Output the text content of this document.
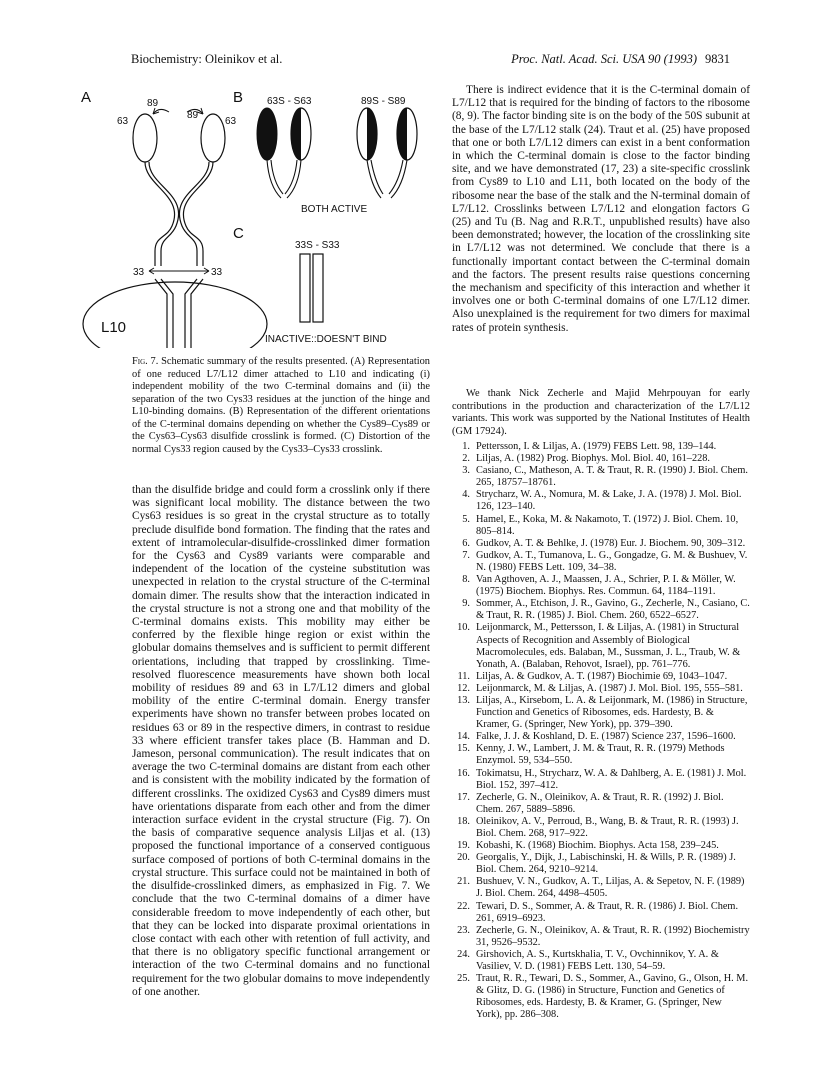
Biochemistry: Oleinikov et al.	Proc. Natl. Acad. Sci. USA 90 (1993) 9831
A
63
89
89
63
33	33
L10
B 63S - S63	89S - S89
BOTH ACTIVE
C
33S - S33
INACTIVE::DOESN'T BIND
Fig. 7. Schematic summary of the results presented. (A) Representation of one reduced L7/L12 dimer attached to L10 and indicating (i) independent mobility of the two C-terminal domains and (ii) the separation of the two Cys33 residues at the junction of the hinge and L10-binding domains. (B) Representation of the different orientations of the C-terminal domains depending on whether the Cys89–Cys89 or the Cys63–Cys63 disulfide crosslink is formed. (C) Distortion of the normal Cys33 region caused by the Cys33–Cys33 crosslink.

than the disulfide bridge and could form a crosslink only if there was significant local mobility. The distance between the two Cys63 residues is so great in the crystal structure as to totally preclude disulfide bond formation. The finding that the rates and extent of intramolecular-disulfide-crosslinked dimer formation for the Cys63 and Cys89 variants were comparable and independent of the location of the cysteine substitution was unexpected in relation to the crystal structure of the C-terminal domain dimer. The results show that the interaction indicated in the crystal structure is not a strong one and that mobility of the C-terminal domains exists. This mobility may either be conferred by the flexible hinge region or exist within the globular domains themselves and is sufficient to permit different orientations, including that trapped by crosslinking. Time-resolved fluorescence measurements have shown both local mobility of residues 89 and 63 in L7/L12 dimers and global mobility of the entire C-terminal domain. Energy transfer experiments have shown no transfer between probes located on residues 63 or 89 in the respective dimers, in contrast to residue 33 where efficient transfer takes place (B. Hamman and D. Jameson, personal communication). The result indicates that on average the two C-terminal domains are distant from each other and is consistent with the mobility indicated by the formation of different crosslinks. The oxidized Cys63 and Cys89 dimers must have orientations disparate from each other and from the dimer interaction surface evident in the crystal structure (Fig. 7). On the basis of comparative sequence analysis Liljas et al. (13) proposed the functional importance of a conserved contiguous surface composed of portions of both C-terminal domains in the crystal structure. This surface could not be maintained in both of the disulfide-crosslinked dimers, as emphasized in Fig. 7. We conclude that the two C-terminal domains of a dimer have considerable freedom to move independently of each other, but that they can be locked into disparate proximal orientations in close contact with each other with retention of full activity, and that there is no obligatory specific functional arrangement or interaction of the two C-terminal domains and no functional requirement for the two globular domains to move independently of one another.

There is indirect evidence that it is the C-terminal domain of L7/L12 that is required for the binding of factors to the ribosome (8, 9). The factor binding site is on the body of the 50S subunit at the base of the L7/L12 stalk (24). Traut et al. (25) have proposed that one or both L7/L12 dimers can exist in a bent conformation in which the C-terminal domain is close to the factor binding site, and we have demonstrated (17, 23) a site-specific crosslink from Cys89 to L10 and L11, both located on the body of the ribosome near the base of the stalk and the N-terminal domain of L7/L12. Crosslinks between L7/L12 and elongation factors G (25) and Tu (B. Nag and R.R.T., unpublished results) have also been demonstrated; however, the location of the crosslinking site in L7/L12 was not determined. We conclude that there is a functionally important contact between the C-terminal domain and the factors. The present results raise questions concerning the mechanism and specificity of this interaction and whether it involves one or both C-terminal domains of one L7/L12 dimer. Also unexplained is the requirement for two dimers for maximal rates of protein synthesis.

We thank Nick Zecherle and Majid Mehrpouyan for early contributions in the production and characterization of the L7/L12 variants. This work was supported by the National Institutes of Health (GM 17924).
1. Pettersson, I. & Liljas, A. (1979) FEBS Lett. 98, 139–144.
2. Liljas, A. (1982) Prog. Biophys. Mol. Biol. 40, 161–228.
3. Casiano, C., Matheson, A. T. & Traut, R. R. (1990) J. Biol. Chem. 265, 18757–18761.
4. Strycharz, W. A., Nomura, M. & Lake, J. A. (1978) J. Mol. Biol. 126, 123–140.
5. Hamel, E., Koka, M. & Nakamoto, T. (1972) J. Biol. Chem. 10, 805–814.
6. Gudkov, A. T. & Behlke, J. (1978) Eur. J. Biochem. 90, 309–312.
7. Gudkov, A. T., Tumanova, L. G., Gongadze, G. M. & Bushuev, V. N. (1980) FEBS Lett. 109, 34–38.
8. Van Agthoven, A. J., Maassen, J. A., Schrier, P. I. & Möller, W. (1975) Biochem. Biophys. Res. Commun. 64, 1184–1191.
9. Sommer, A., Etchison, J. R., Gavino, G., Zecherle, N., Casiano, C. & Traut, R. R. (1985) J. Biol. Chem. 260, 6522–6527.
10. Leijonmarck, M., Pettersson, I. & Liljas, A. (1981) in Structural Aspects of Recognition and Assembly of Biological Macromolecules, eds. Balaban, M., Sussman, J. L., Traub, W. & Yonath, A. (Balaban, Rehovot, Israel), pp. 761–776.
11. Liljas, A. & Gudkov, A. T. (1987) Biochimie 69, 1043–1047.
12. Leijonmarck, M. & Liljas, A. (1987) J. Mol. Biol. 195, 555–581.
13. Liljas, A., Kirsebom, L. A. & Leijonmark, M. (1986) in Structure, Function and Genetics of Ribosomes, eds. Hardesty, B. & Kramer, G. (Springer, New York), pp. 379–390.
14. Falke, J. J. & Koshland, D. E. (1987) Science 237, 1596–1600.
15. Kenny, J. W., Lambert, J. M. & Traut, R. R. (1979) Methods Enzymol. 59, 534–550.
16. Tokimatsu, H., Strycharz, W. A. & Dahlberg, A. E. (1981) J. Mol. Biol. 152, 397–412.
17. Zecherle, G. N., Oleinikov, A. & Traut, R. R. (1992) J. Biol. Chem. 267, 5889–5896.
18. Oleinikov, A. V., Perroud, B., Wang, B. & Traut, R. R. (1993) J. Biol. Chem. 268, 917–922.
19. Kobashi, K. (1968) Biochim. Biophys. Acta 158, 239–245.
20. Georgalis, Y., Dijk, J., Labischinski, H. & Wills, P. R. (1989) J. Biol. Chem. 264, 9210–9214.
21. Bushuev, V. N., Gudkov, A. T., Liljas, A. & Sepetov, N. F. (1989) J. Biol. Chem. 264, 4498–4505.
22. Tewari, D. S., Sommer, A. & Traut, R. R. (1986) J. Biol. Chem. 261, 6919–6923.
23. Zecherle, G. N., Oleinikov, A. & Traut, R. R. (1992) Biochemistry 31, 9526–9532.
24. Girshovich, A. S., Kurtskhalia, T. V., Ovchinnikov, Y. A. & Vasiliev, V. D. (1981) FEBS Lett. 130, 54–59.
25. Traut, R. R., Tewari, D. S., Sommer, A., Gavino, G., Olson, H. M. & Glitz, D. G. (1986) in Structure, Function and Genetics of Ribosomes, eds. Hardesty, B. & Kramer, G. (Springer, New York), pp. 286–308.
